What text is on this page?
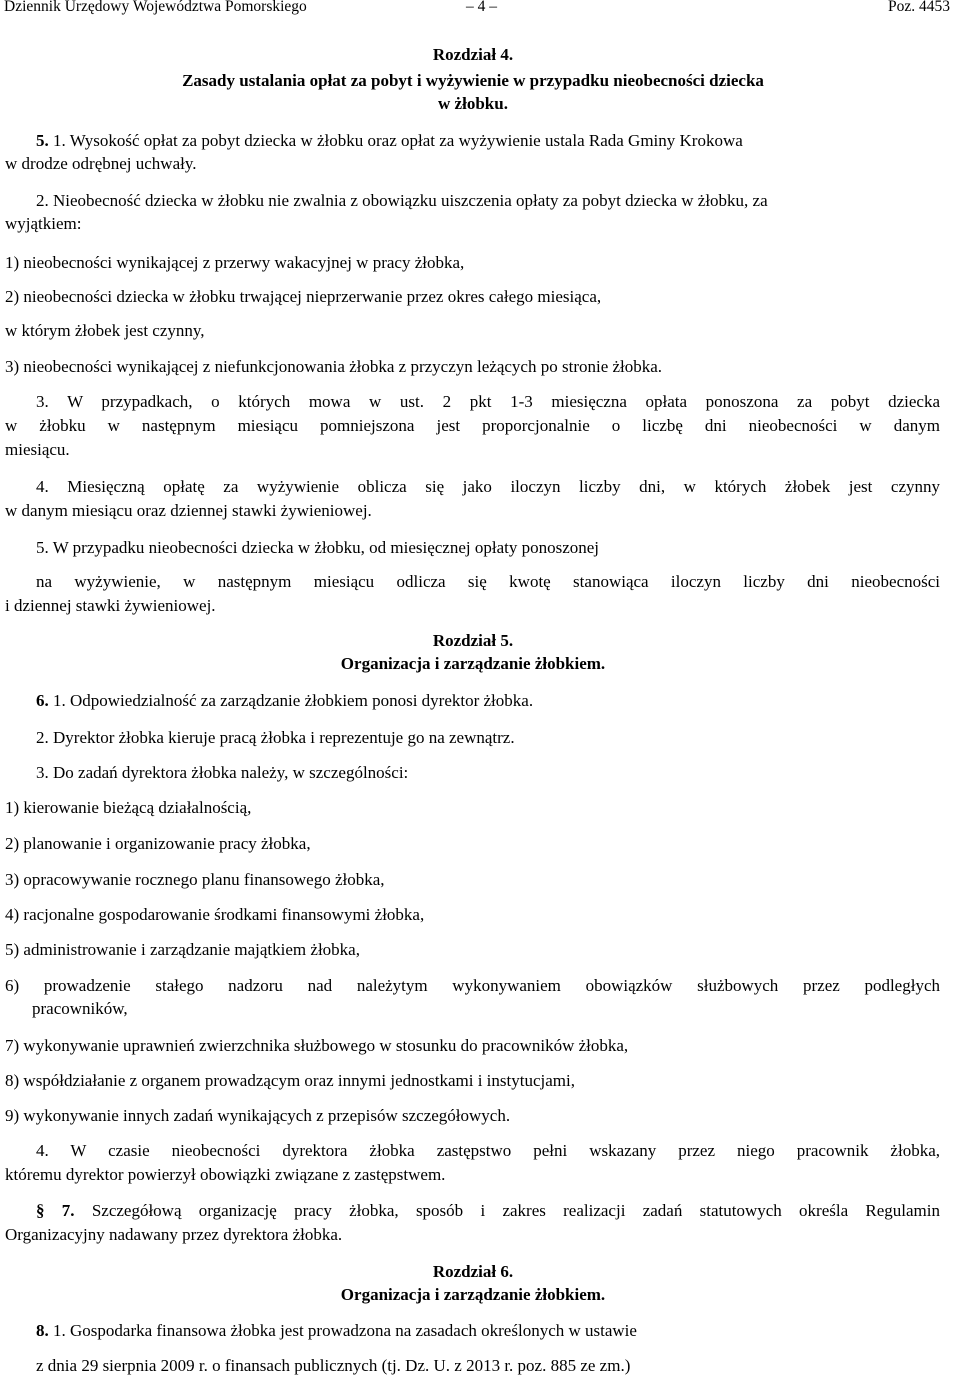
Dziennik Urzędowy Województwa Pomorskiego	– 4 –	Poz. 4453
Rozdział 4.
Zasady ustalania opłat za pobyt i wyżywienie w przypadku nieobecności dziecka
w żłobku.
5. 1. Wysokość opłat za pobyt dziecka w żłobku oraz opłat za wyżywienie ustala Rada Gminy Krokowa
w drodze odrębnej uchwały.
2. Nieobecność dziecka w żłobku nie zwalnia z obowiązku uiszczenia opłaty za pobyt dziecka w żłobku, za
wyjątkiem:
1) nieobecności wynikającej z przerwy wakacyjnej w pracy żłobka,
2) nieobecności dziecka w żłobku trwającej nieprzerwanie przez okres całego miesiąca,
w którym żłobek jest czynny,
3) nieobecności wynikającej z niefunkcjonowania żłobka z przyczyn leżących po stronie żłobka.
3. W przypadkach, o których mowa w ust. 2 pkt 1-3 miesięczna opłata ponoszona za pobyt dziecka
w żłobku w następnym miesiącu pomniejszona jest proporcjonalnie o liczbę dni nieobecności w danym
miesiącu.
4. Miesięczną opłatę za wyżywienie oblicza się jako iloczyn liczby dni, w których żłobek jest czynny
w danym miesiącu oraz dziennej stawki żywieniowej.
5. W przypadku nieobecności dziecka w żłobku, od miesięcznej opłaty ponoszonej
na wyżywienie, w następnym miesiącu odlicza się kwotę stanowiąca iloczyn liczby dni nieobecności
i dziennej stawki żywieniowej.
Rozdział 5.
Organizacja i zarządzanie żłobkiem.
6. 1. Odpowiedzialność za zarządzanie żłobkiem ponosi dyrektor żłobka.
2. Dyrektor żłobka kieruje pracą żłobka i reprezentuje go na zewnątrz.
3. Do zadań dyrektora żłobka należy, w szczególności:
1) kierowanie bieżącą działalnością,
2) planowanie i organizowanie pracy żłobka,
3) opracowywanie rocznego planu finansowego żłobka,
4) racjonalne gospodarowanie środkami finansowymi żłobka,
5) administrowanie i zarządzanie majątkiem żłobka,
6) prowadzenie stałego nadzoru nad należytym wykonywaniem obowiązków służbowych przez podległych
pracowników,
7) wykonywanie uprawnień zwierzchnika służbowego w stosunku do pracowników żłobka,
8) współdziałanie z organem prowadzącym oraz innymi jednostkami i instytucjami,
9) wykonywanie innych zadań wynikających z przepisów szczegółowych.
4. W czasie nieobecności dyrektora żłobka zastępstwo pełni wskazany przez niego pracownik żłobka,
któremu dyrektor powierzył obowiązki związane z zastępstwem.
§ 7. Szczegółową organizację pracy żłobka, sposób i zakres realizacji zadań statutowych określa Regulamin
Organizacyjny nadawany przez dyrektora żłobka.
Rozdział 6.
Organizacja i zarządzanie żłobkiem.
8. 1. Gospodarka finansowa żłobka jest prowadzona na zasadach określonych w ustawie
z dnia 29 sierpnia 2009 r. o finansach publicznych (tj. Dz. U. z 2013 r. poz. 885 ze zm.)
